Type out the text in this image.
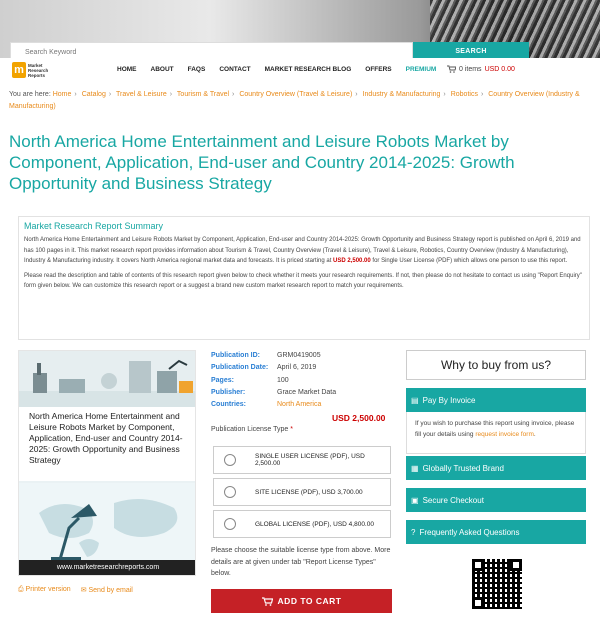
Search Keyword	SEARCH
m Market
Research
Reports
HOME ABOUT FAQS CONTACT MARKET RESEARCH BLOG OFFERS PREMIUM	0 items USD 0.00
You are here: Home › Catalog › Travel & Leisure › Tourism & Travel › Country Overview (Travel & Leisure) › Industry & Manufacturing › Robotics › Country Overview (Industry & Manufacturing)
North America Home Entertainment and Leisure Robots Market by Component, Application, End-user and Country 2014-2025: Growth Opportunity and Business Strategy
Market Research Report Summary

North America Home Entertainment and Leisure Robots Market by Component, Application, End-user and Country 2014-2025: Growth Opportunity and Business Strategy report is published on April 6, 2019 and has 100 pages in it. This market research report provides information about Tourism & Travel, Country Overview (Travel & Leisure), Travel & Leisure, Robotics, Country Overview (Industry & Manufacturing), Industry & Manufacturing industry. It covers North America regional market data and forecasts. It is priced starting at USD 2,500.00 for Single User License (PDF) which allows one person to use this report.

Please read the description and table of contents of this research report given below to check whether it meets your research requirements. If not, then please do not hesitate to contact us using "Report Enquiry" form given below. We can customize this research report or a suggest a brand new custom market research report to match your requirements.

North America Home Entertainment and Leisure Robots Market by Component, Application, End-user and Country 2014-2025: Growth Opportunity and Business Strategy
www.marketresearchreports.com
⎙ Printer version ✉ Send by email
Publication ID:	GRM0419005
Publication Date:	April 6, 2019
Pages:	100
Publisher:	Grace Market Data
Countries:	North America
USD 2,500.00
Publication License Type *
SINGLE USER LICENSE (PDF), USD 2,500.00
SITE LICENSE (PDF), USD 3,700.00
GLOBAL LICENSE (PDF), USD 4,800.00
Please choose the suitable license type from above. More details are at given under tab "Report License Types" below.
ADD TO CART
Why to buy from us?
▤ Pay By Invoice
If you wish to purchase this report using invoice, please fill your details using request invoice form.
▦ Globally Trusted Brand
▣ Secure Checkout
? Frequently Asked Questions
